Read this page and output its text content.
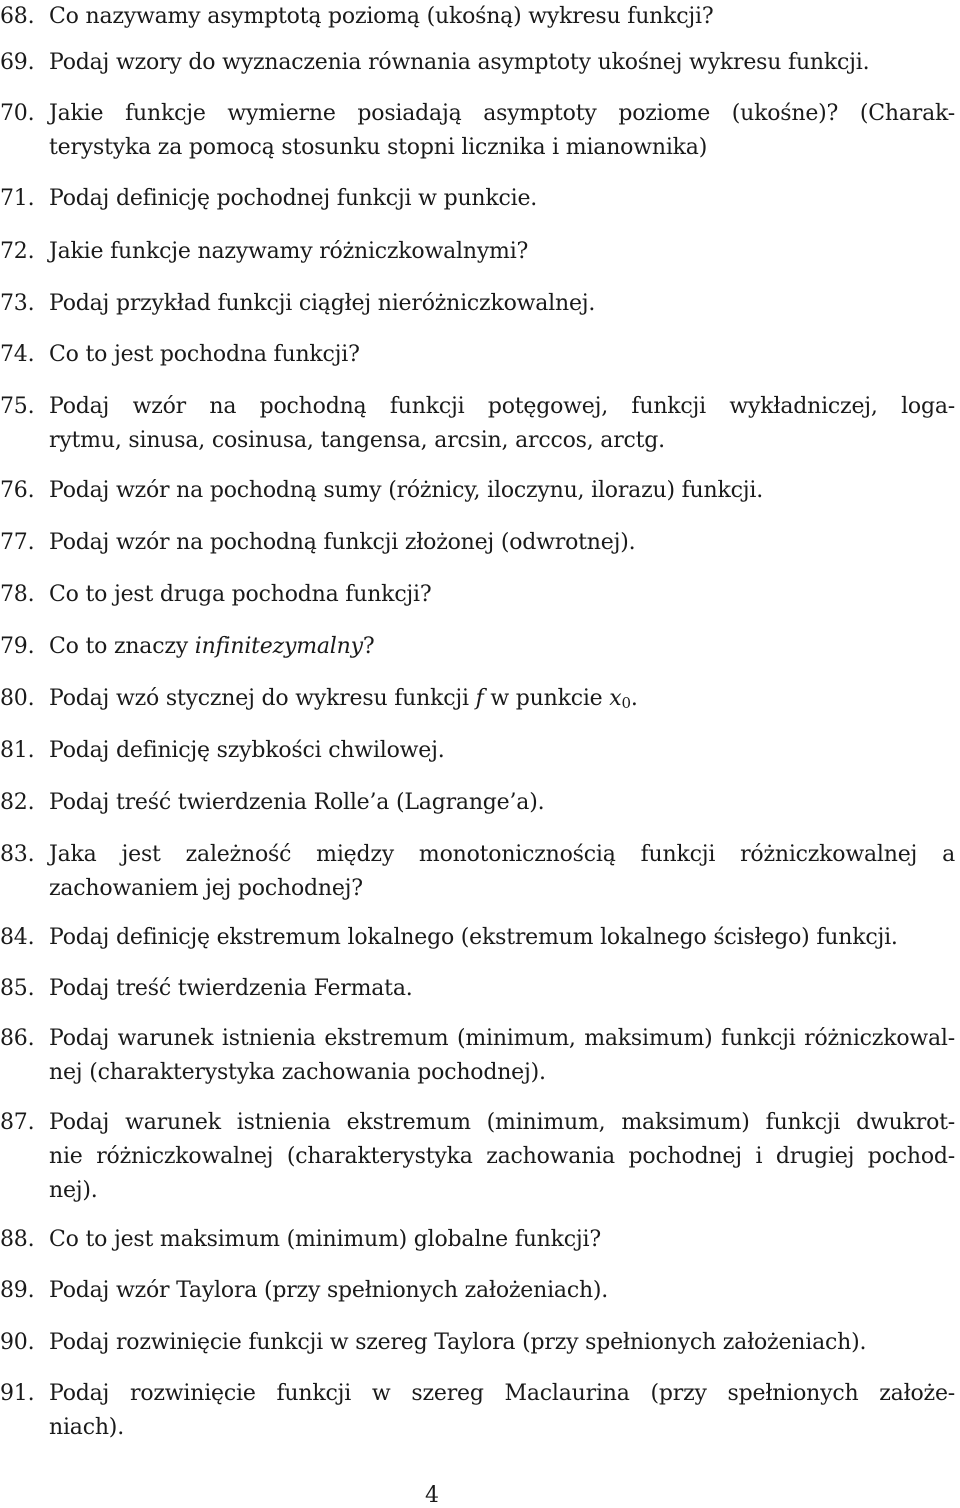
68. Co nazywamy asymptotą poziomą (ukośną) wykresu funkcji?
69. Podaj wzory do wyznaczenia równania asymptoty ukośnej wykresu funkcji.
70. Jakie funkcje wymierne posiadają asymptoty poziome (ukośne)? (Charak-
terystyka za pomocą stosunku stopni licznika i mianownika)
71. Podaj definicję pochodnej funkcji w punkcie.
72. Jakie funkcje nazywamy różniczkowalnymi?
73. Podaj przykład funkcji ciągłej nieróżniczkowalnej.
74. Co to jest pochodna funkcji?
75. Podaj wzór na pochodną funkcji potęgowej, funkcji wykładniczej, loga-
rytmu, sinusa, cosinusa, tangensa, arcsin, arccos, arctg.
76. Podaj wzór na pochodną sumy (różnicy, iloczynu, ilorazu) funkcji.
77. Podaj wzór na pochodną funkcji złożonej (odwrotnej).
78. Co to jest druga pochodna funkcji?
79. Co to znaczy infinitezymalny?
80. Podaj wzó stycznej do wykresu funkcji f w punkcie $x_0$.
81. Podaj definicję szybkości chwilowej.
82. Podaj treść twierdzenia Rolle’a (Lagrange’a).
83. Jaka jest zależność między monotonicznością funkcji różniczkowalnej a
zachowaniem jej pochodnej?
84. Podaj definicję ekstremum lokalnego (ekstremum lokalnego ścisłego) funkcji.
85. Podaj treść twierdzenia Fermata.
86. Podaj warunek istnienia ekstremum (minimum, maksimum) funkcji różniczkowal-
nej (charakterystyka zachowania pochodnej).
87. Podaj warunek istnienia ekstremum (minimum, maksimum) funkcji dwukrot-
nie różniczkowalnej (charakterystyka zachowania pochodnej i drugiej pochod-
nej).
88. Co to jest maksimum (minimum) globalne funkcji?
89. Podaj wzór Taylora (przy spełnionych założeniach).
90. Podaj rozwinięcie funkcji w szereg Taylora (przy spełnionych założeniach).
91. Podaj rozwinięcie funkcji w szereg Maclaurina (przy spełnionych założe-
niach).
4
